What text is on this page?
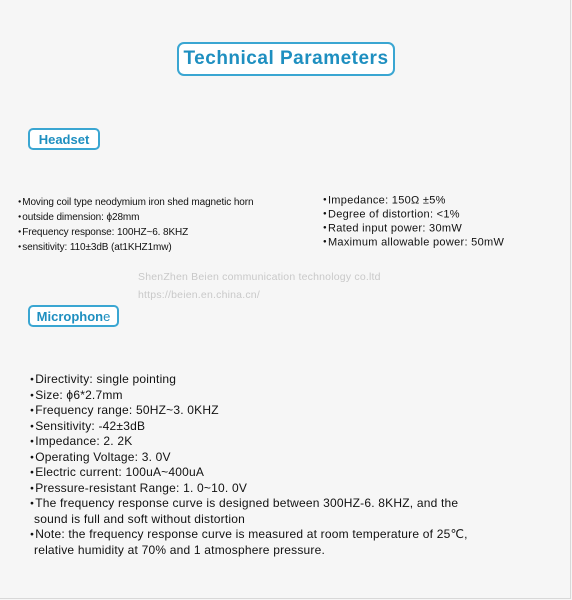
Technical Parameters
Headset
● Moving coil type neodymium iron shed magnetic horn
● outside dimension: ϕ28mm
● Frequency response: 100HZ~6. 8KHZ
● sensitivity: 110±3dB (at1KHZ1mw)
● Impedance: 150Ω ±5%
● Degree of distortion: <1%
● Rated input power: 30mW
● Maximum allowable power: 50mW
ShenZhen Beien communication technology co.ltd
https://beien.en.china.cn/
Microphone
● Directivity: single pointing
● Size: ϕ6*2.7mm
● Frequency range: 50HZ~3. 0KHZ
● Sensitivity: -42±3dB
● Impedance: 2. 2K
● Operating Voltage: 3. 0V
● Electric current: 100uA~400uA
● Pressure-resistant Range: 1. 0~10. 0V
● The frequency response curve is designed between 300HZ-6. 8KHZ, and the
sound is full and soft without distortion
● Note: the frequency response curve is measured at room temperature of 25℃,
relative humidity at 70% and 1 atmosphere pressure.
